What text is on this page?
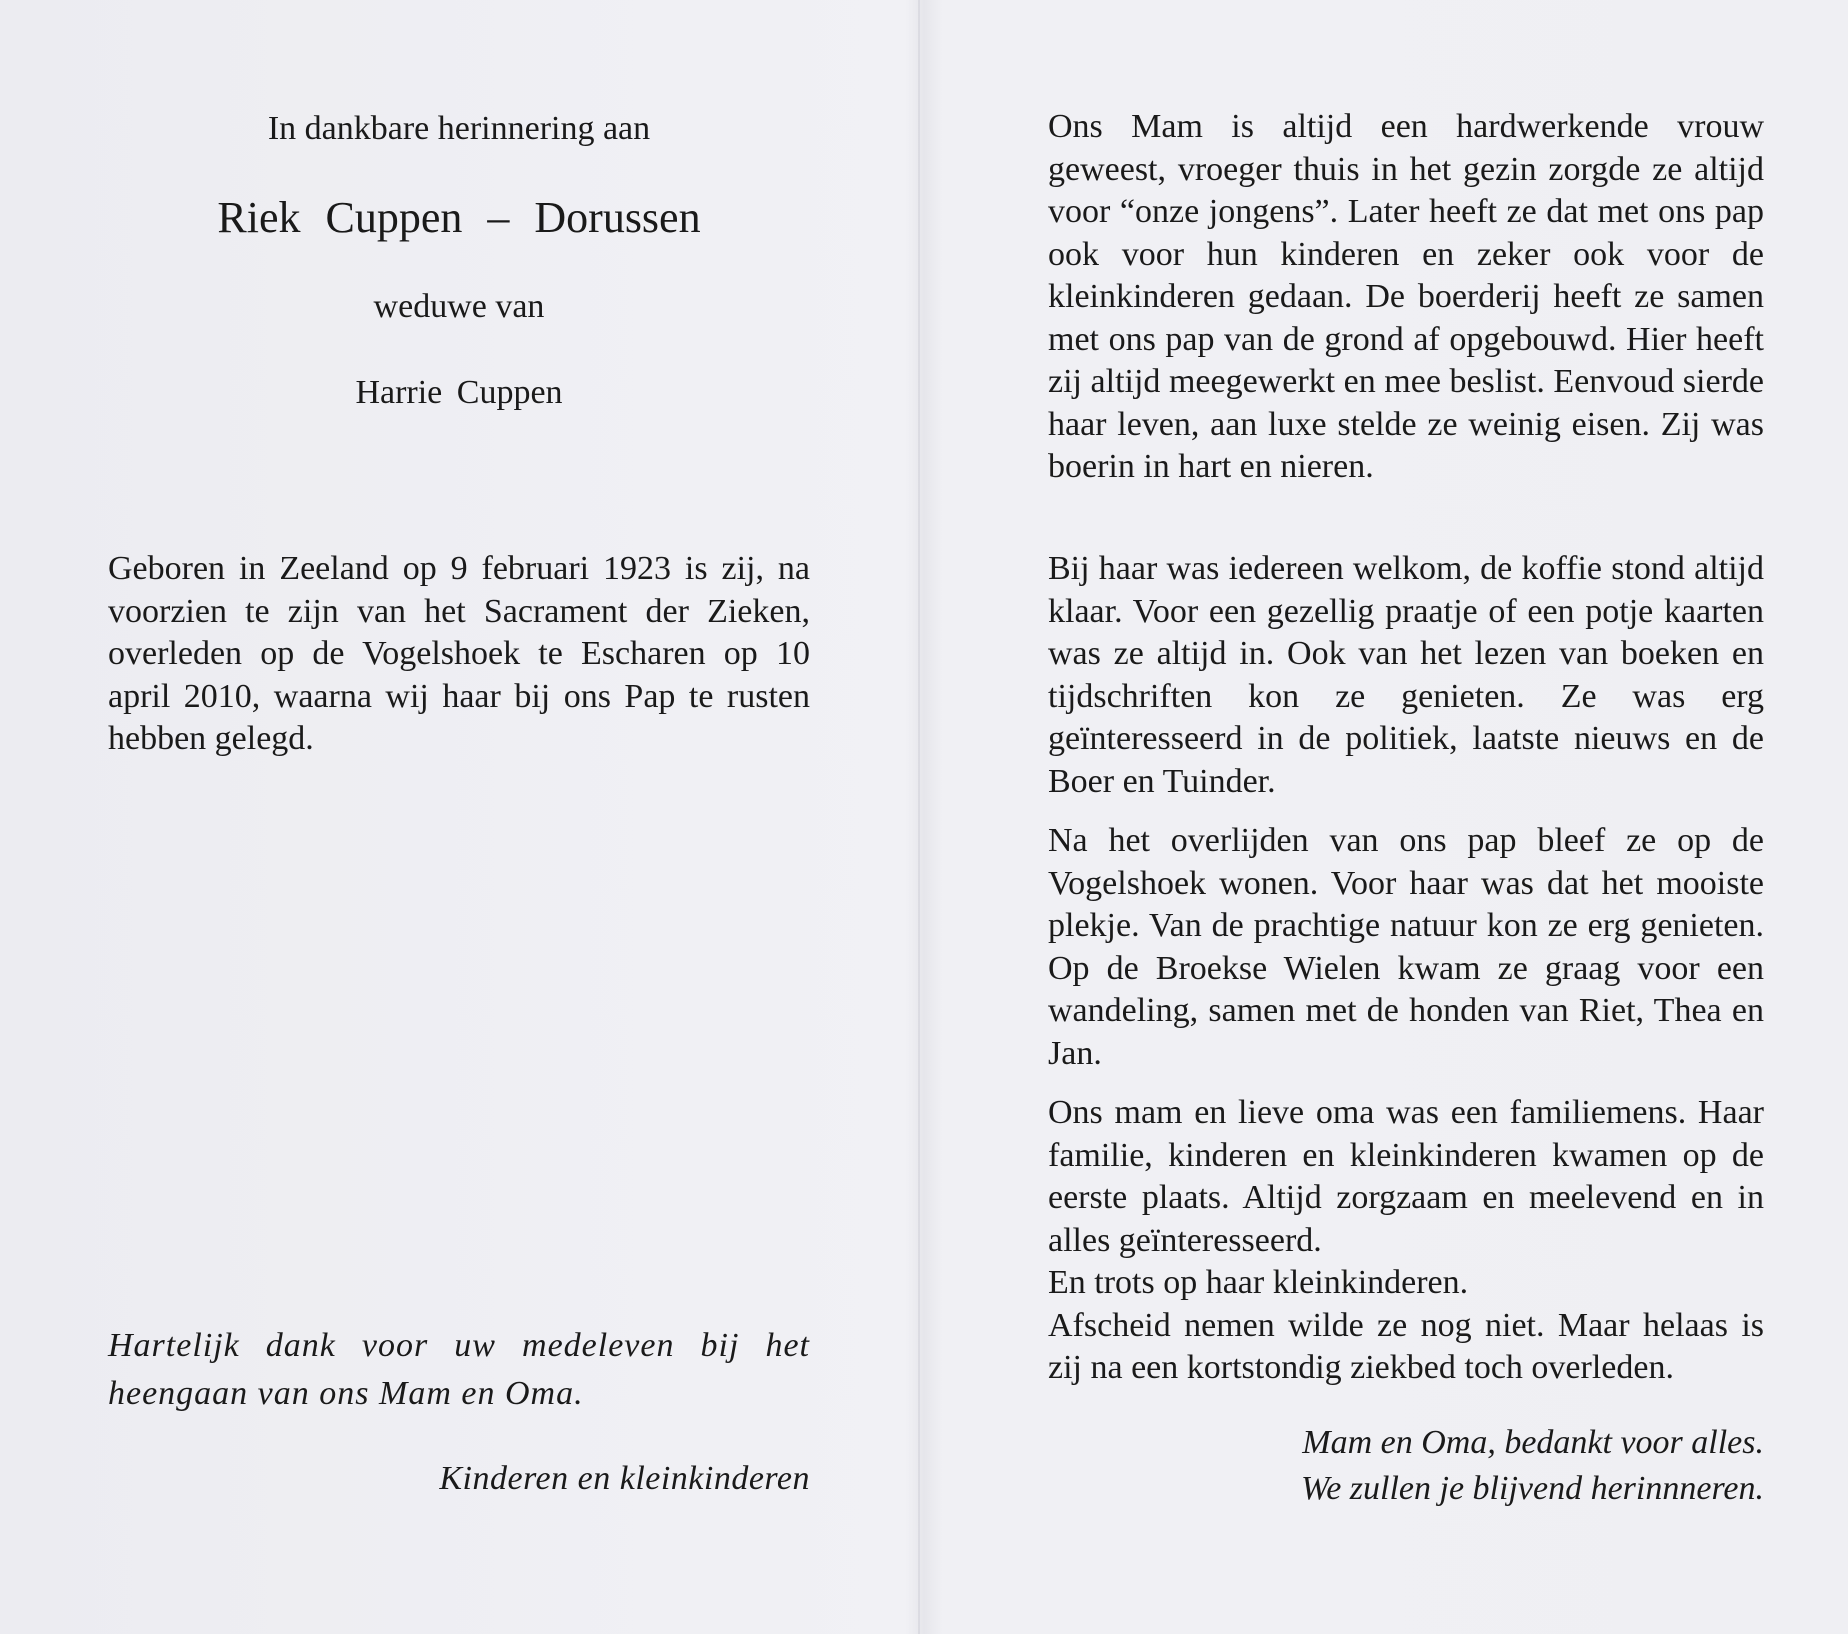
In dankbare herinnering aan
Riek Cuppen – Dorussen
weduwe van
Harrie Cuppen

Geboren in Zeeland op 9 februari 1923 is zij, na voorzien te zijn van het Sacrament der Zieken, overleden op de Vogelshoek te Escharen op 10 april 2010, waarna wij haar bij ons Pap te rusten hebben gelegd.

Hartelijk dank voor uw medeleven bij het heengaan van ons Mam en Oma.

Kinderen en kleinkinderen

Ons Mam is altijd een hardwerkende vrouw geweest, vroeger thuis in het gezin zorgde ze altijd voor “onze jongens”. Later heeft ze dat met ons pap ook voor hun kinderen en zeker ook voor de kleinkinderen gedaan. De boerderij heeft ze samen met ons pap van de grond af opgebouwd. Hier heeft zij altijd meegewerkt en mee beslist. Eenvoud sierde haar leven, aan luxe stelde ze weinig eisen. Zij was boerin in hart en nieren.

Bij haar was iedereen welkom, de koffie stond altijd klaar. Voor een gezellig praatje of een potje kaarten was ze altijd in. Ook van het lezen van boeken en tijdschriften kon ze genieten. Ze was erg geïnteresseerd in de politiek, laatste nieuws en de Boer en Tuinder.

Na het overlijden van ons pap bleef ze op de Vogelshoek wonen. Voor haar was dat het mooiste plekje. Van de prachtige natuur kon ze erg genieten. Op de Broekse Wielen kwam ze graag voor een wandeling, samen met de honden van Riet, Thea en Jan.

Ons mam en lieve oma was een familiemens. Haar familie, kinderen en kleinkinderen kwamen op de eerste plaats. Altijd zorgzaam en meelevend en in alles geïnteresseerd.
En trots op haar kleinkinderen.
Afscheid nemen wilde ze nog niet. Maar helaas is zij na een kortstondig ziekbed toch overleden.
Mam en Oma, bedankt voor alles.
We zullen je blijvend herinnneren.
